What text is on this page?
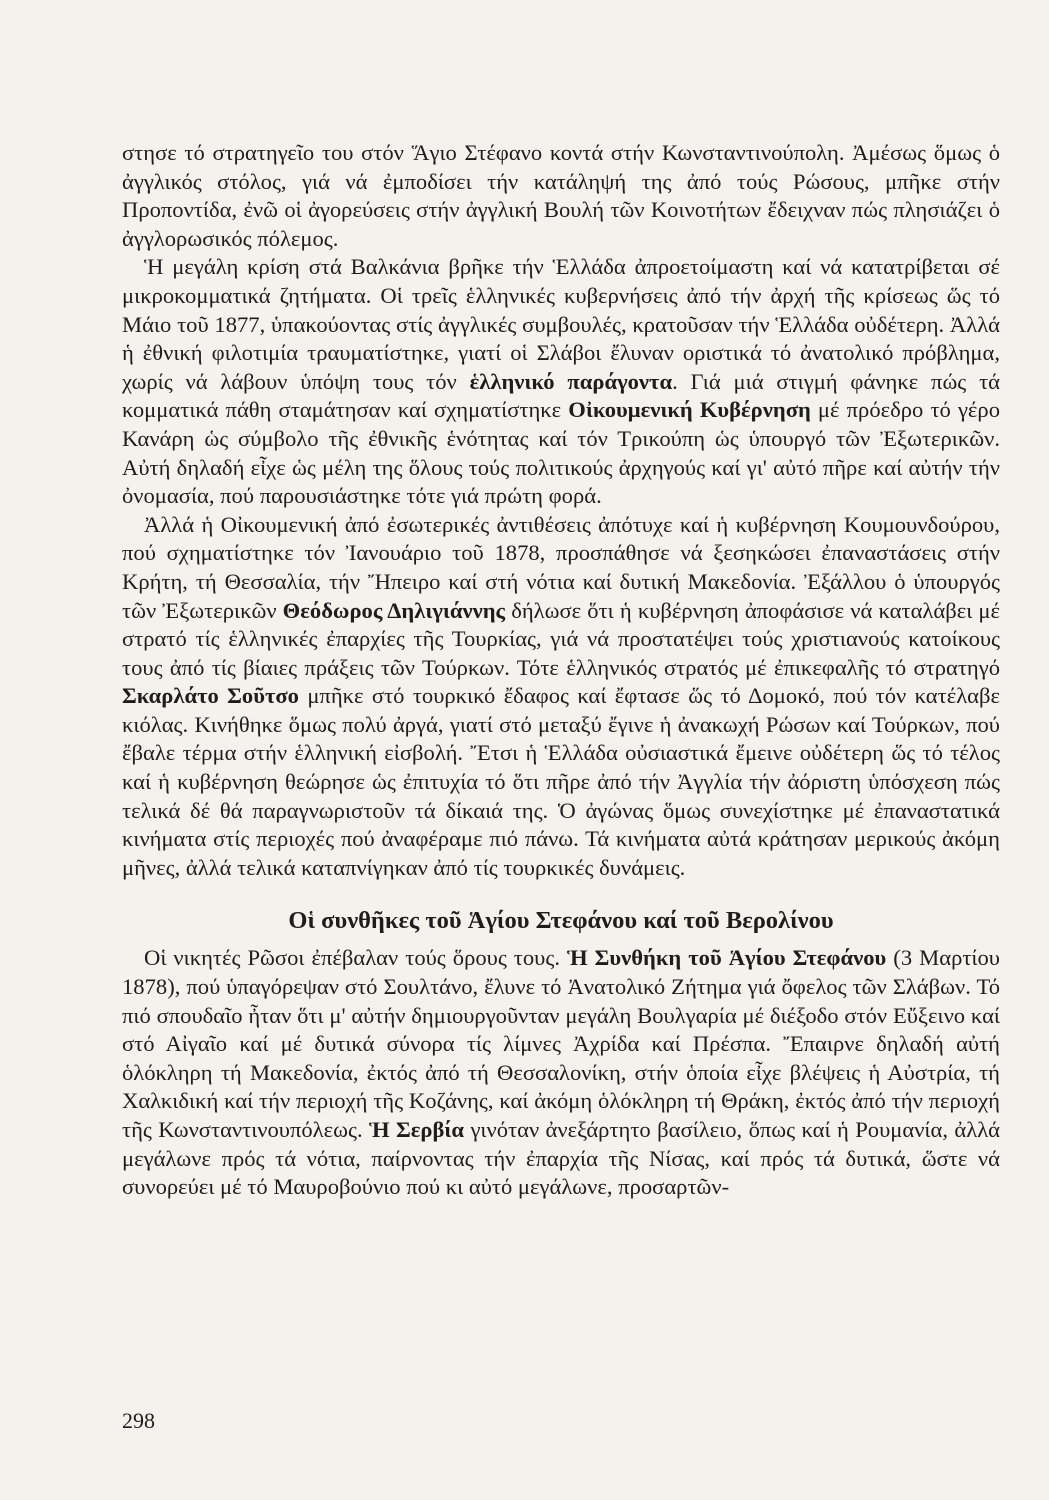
στησε τό στρατηγεῖο του στόν Ἅγιο Στέφανο κοντά στήν Κωνσταντινούπολη. Ἀμέσως ὅμως ὁ ἀγγλικός στόλος, γιά νά ἐμποδίσει τήν κατάληψή της ἀπό τούς Ρώσους, μπῆκε στήν Προποντίδα, ἐνῶ οἱ ἀγορεύσεις στήν ἀγγλική Βουλή τῶν Κοινοτήτων ἔδειχναν πώς πλησιάζει ὁ ἀγγλορωσικός πόλεμος.

Ἡ μεγάλη κρίση στά Βαλκάνια βρῆκε τήν Ἑλλάδα ἀπροετοίμαστη καί νά κατατρίβεται σέ μικροκομματικά ζητήματα. Οἱ τρεῖς ἑλληνικές κυβερνήσεις ἀπό τήν ἀρχή τῆς κρίσεως ὥς τό Μάιο τοῦ 1877, ὑπακούοντας στίς ἀγγλικές συμβουλές, κρατοῦσαν τήν Ἑλλάδα οὐδέτερη. Ἀλλά ἡ ἐθνική φιλοτιμία τραυματίστηκε, γιατί οἱ Σλάβοι ἔλυναν οριστικά τό ἀνατολικό πρόβλημα, χωρίς νά λάβουν ὑπόψη τους τόν ἑλληνικό παράγοντα. Γιά μιά στιγμή φάνηκε πώς τά κομματικά πάθη σταμάτησαν καί σχηματίστηκε Οἰκουμενική Κυβέρνηση μέ πρόεδρο τό γέρο Κανάρη ὡς σύμβολο τῆς ἐθνικῆς ἑνότητας καί τόν Τρικούπη ὡς ὑπουργό τῶν Ἐξωτερικῶν. Αὐτή δηλαδή εἶχε ὡς μέλη της ὅλους τούς πολιτικούς ἀρχηγούς καί γι' αὐτό πῆρε καί αὐτήν τήν ὀνομασία, πού παρουσιάστηκε τότε γιά πρώτη φορά.

Ἀλλά ἡ Οἰκουμενική ἀπό ἐσωτερικές ἀντιθέσεις ἀπότυχε καί ἡ κυβέρνηση Κουμουνδούρου, πού σχηματίστηκε τόν Ἰανουάριο τοῦ 1878, προσπάθησε νά ξεσηκώσει ἐπαναστάσεις στήν Κρήτη, τή Θεσσαλία, τήν Ἤπειρο καί στή νότια καί δυτική Μακεδονία. Ἐξάλλου ὁ ὑπουργός τῶν Ἐξωτερικῶν Θεόδωρος Δηλιγιάννης δήλωσε ὅτι ἡ κυβέρνηση ἀποφάσισε νά καταλάβει μέ στρατό τίς ἑλληνικές ἐπαρχίες τῆς Τουρκίας, γιά νά προστατέψει τούς χριστιανούς κατοίκους τους ἀπό τίς βίαιες πράξεις τῶν Τούρκων. Τότε ἑλληνικός στρατός μέ ἐπικεφαλῆς τό στρατηγό Σκαρλάτο Σοῦτσο μπῆκε στό τουρκικό ἔδαφος καί ἔφτασε ὥς τό Δομοκό, πού τόν κατέλαβε κιόλας. Κινήθηκε ὅμως πολύ ἀργά, γιατί στό μεταξύ ἔγινε ἡ ἀνακωχή Ρώσων καί Τούρκων, πού ἔβαλε τέρμα στήν ἑλληνική εἰσβολή. Ἔτσι ἡ Ἑλλάδα οὐσιαστικά ἔμεινε οὐδέτερη ὥς τό τέλος καί ἡ κυβέρνηση θεώρησε ὡς ἐπιτυχία τό ὅτι πῆρε ἀπό τήν Ἀγγλία τήν ἀόριστη ὑπόσχεση πώς τελικά δέ θά παραγνωριστοῦν τά δίκαιά της. Ὁ ἀγώνας ὅμως συνεχίστηκε μέ ἐπαναστατικά κινήματα στίς περιοχές πού ἀναφέραμε πιό πάνω. Τά κινήματα αὐτά κράτησαν μερικούς ἀκόμη μῆνες, ἀλλά τελικά καταπνίγηκαν ἀπό τίς τουρκικές δυνάμεις.

Οἱ συνθῆκες τοῦ Ἁγίου Στεφάνου καί τοῦ Βερολίνου

Οἱ νικητές Ρῶσοι ἐπέβαλαν τούς ὅρους τους. Ἡ Συνθήκη τοῦ Ἁγίου Στεφάνου (3 Μαρτίου 1878), πού ὑπαγόρεψαν στό Σουλτάνο, ἔλυνε τό Ἀνατολικό Ζήτημα γιά ὄφελος τῶν Σλάβων. Τό πιό σπουδαῖο ἦταν ὅτι μ' αὐτήν δημιουργοῦνταν μεγάλη Βουλγαρία μέ διέξοδο στόν Εὔξεινο καί στό Αἰγαῖο καί μέ δυτικά σύνορα τίς λίμνες Ἀχρίδα καί Πρέσπα. Ἔπαιρνε δηλαδή αὐτή ὁλόκληρη τή Μακεδονία, ἐκτός ἀπό τή Θεσσαλονίκη, στήν ὁποία εἶχε βλέψεις ἡ Αὐστρία, τή Χαλκιδική καί τήν περιοχή τῆς Κοζάνης, καί ἀκόμη ὁλόκληρη τή Θράκη, ἐκτός ἀπό τήν περιοχή τῆς Κωνσταντινουπόλεως. Ἡ Σερβία γινόταν ἀνεξάρτητο βασίλειο, ὅπως καί ἡ Ρουμανία, ἀλλά μεγάλωνε πρός τά νότια, παίρνοντας τήν ἐπαρχία τῆς Νίσας, καί πρός τά δυτικά, ὥστε νά συνορεύει μέ τό Μαυροβούνιο πού κι αὐτό μεγάλωνε, προσαρτῶν-

298
